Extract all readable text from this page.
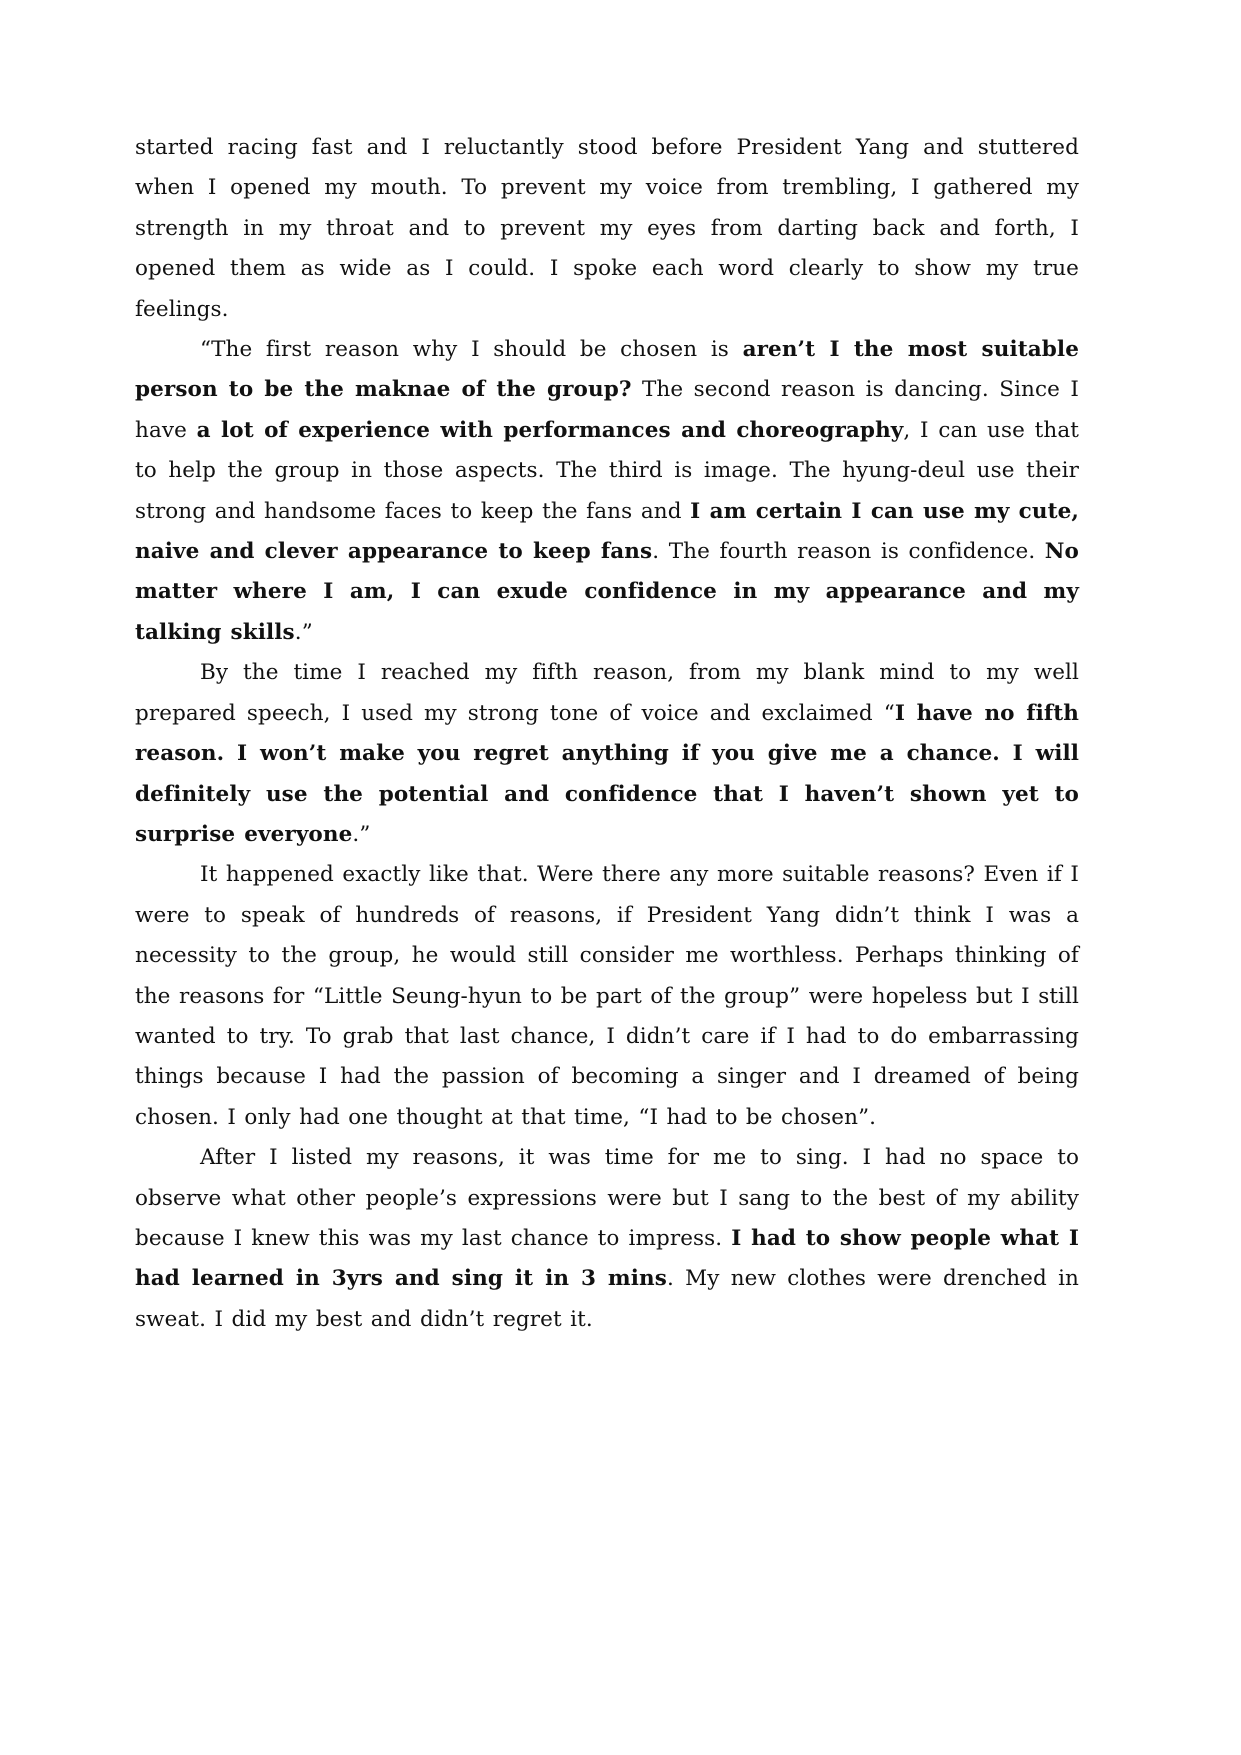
started racing fast and I reluctantly stood before President Yang and stuttered when I opened my mouth. To prevent my voice from trembling, I gathered my strength in my throat and to prevent my eyes from darting back and forth, I opened them as wide as I could. I spoke each word clearly to show my true feelings.

“The first reason why I should be chosen is aren’t I the most suitable person to be the maknae of the group? The second reason is dancing. Since I have a lot of experience with performances and choreography, I can use that to help the group in those aspects. The third is image. The hyung-deul use their strong and handsome faces to keep the fans and I am certain I can use my cute, naive and clever appearance to keep fans. The fourth reason is confidence. No matter where I am, I can exude confidence in my appearance and my talking skills.”

By the time I reached my fifth reason, from my blank mind to my well prepared speech, I used my strong tone of voice and exclaimed “I have no fifth reason. I won’t make you regret anything if you give me a chance. I will definitely use the potential and confidence that I haven’t shown yet to surprise everyone.”

It happened exactly like that. Were there any more suitable reasons? Even if I were to speak of hundreds of reasons, if President Yang didn’t think I was a necessity to the group, he would still consider me worthless. Perhaps thinking of the reasons for “Little Seung-hyun to be part of the group” were hopeless but I still wanted to try. To grab that last chance, I didn’t care if I had to do embarrassing things because I had the passion of becoming a singer and I dreamed of being chosen. I only had one thought at that time, “I had to be chosen”.

After I listed my reasons, it was time for me to sing. I had no space to observe what other people’s expressions were but I sang to the best of my ability because I knew this was my last chance to impress. I had to show people what I had learned in 3yrs and sing it in 3 mins. My new clothes were drenched in sweat. I did my best and didn’t regret it.
